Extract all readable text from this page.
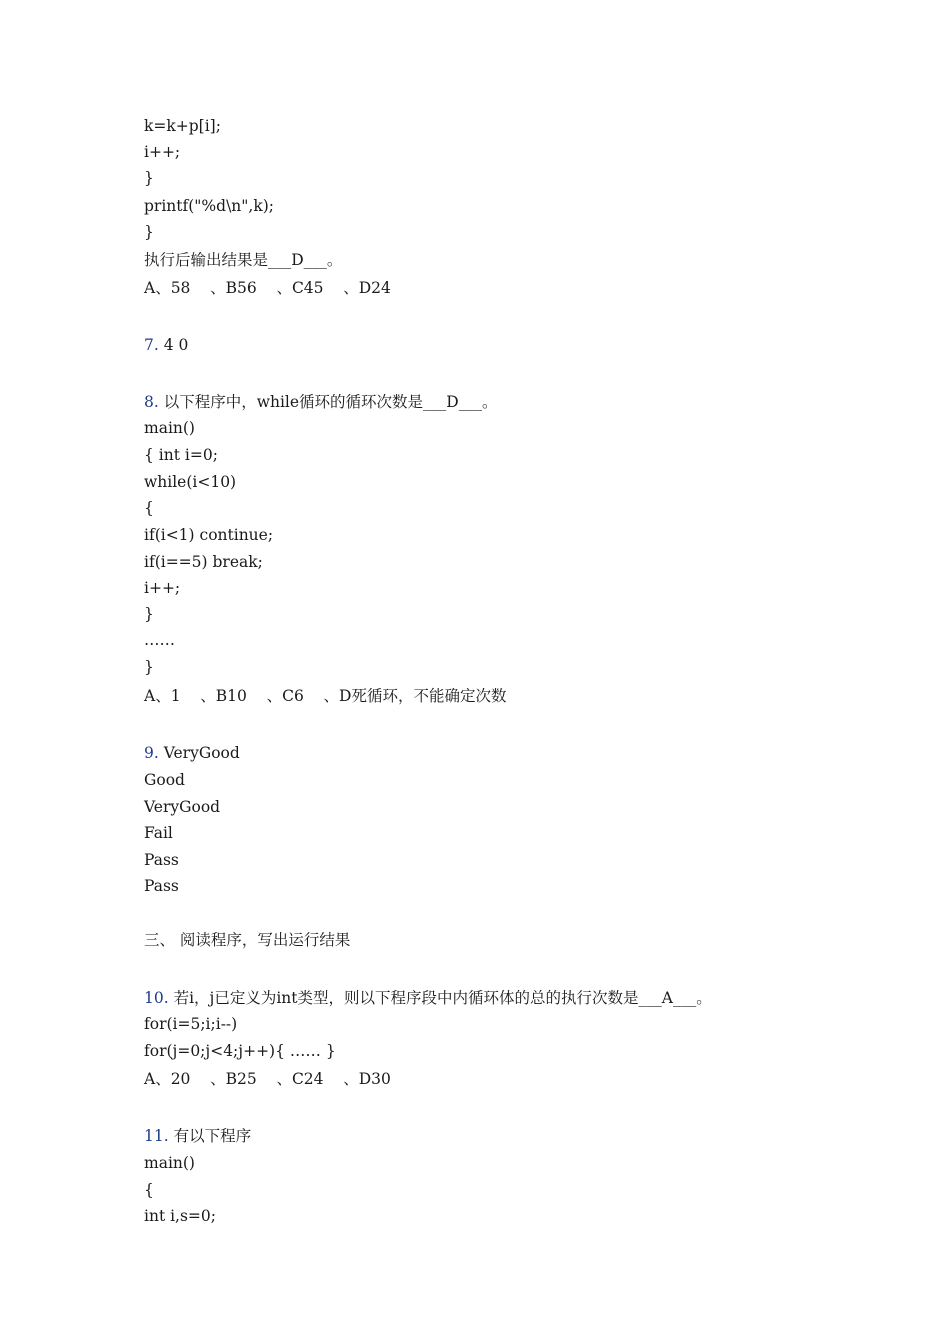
k=k+p[i];
i++;
}
printf("%d\n",k);
}
执行后输出结果是___D___。
A、58    、B56    、C45    、D24
7. 4 0
8. 以下程序中，while循环的循环次数是___D___。
main()
{ int i=0;
while(i<10)
{
if(i<1) continue;
if(i==5) break;
i++;
}
……
}
A、1    、B10    、C6    、D死循环，不能确定次数
9. VeryGood
Good
VeryGood
Fail
Pass
Pass
三、 阅读程序，写出运行结果
10. 若i，j已定义为int类型，则以下程序段中内循环体的总的执行次数是___A___。
for(i=5;i;i--)
for(j=0;j<4;j++){ …… }
A、20    、B25    、C24    、D30
11. 有以下程序
main()
{
int i,s=0;
